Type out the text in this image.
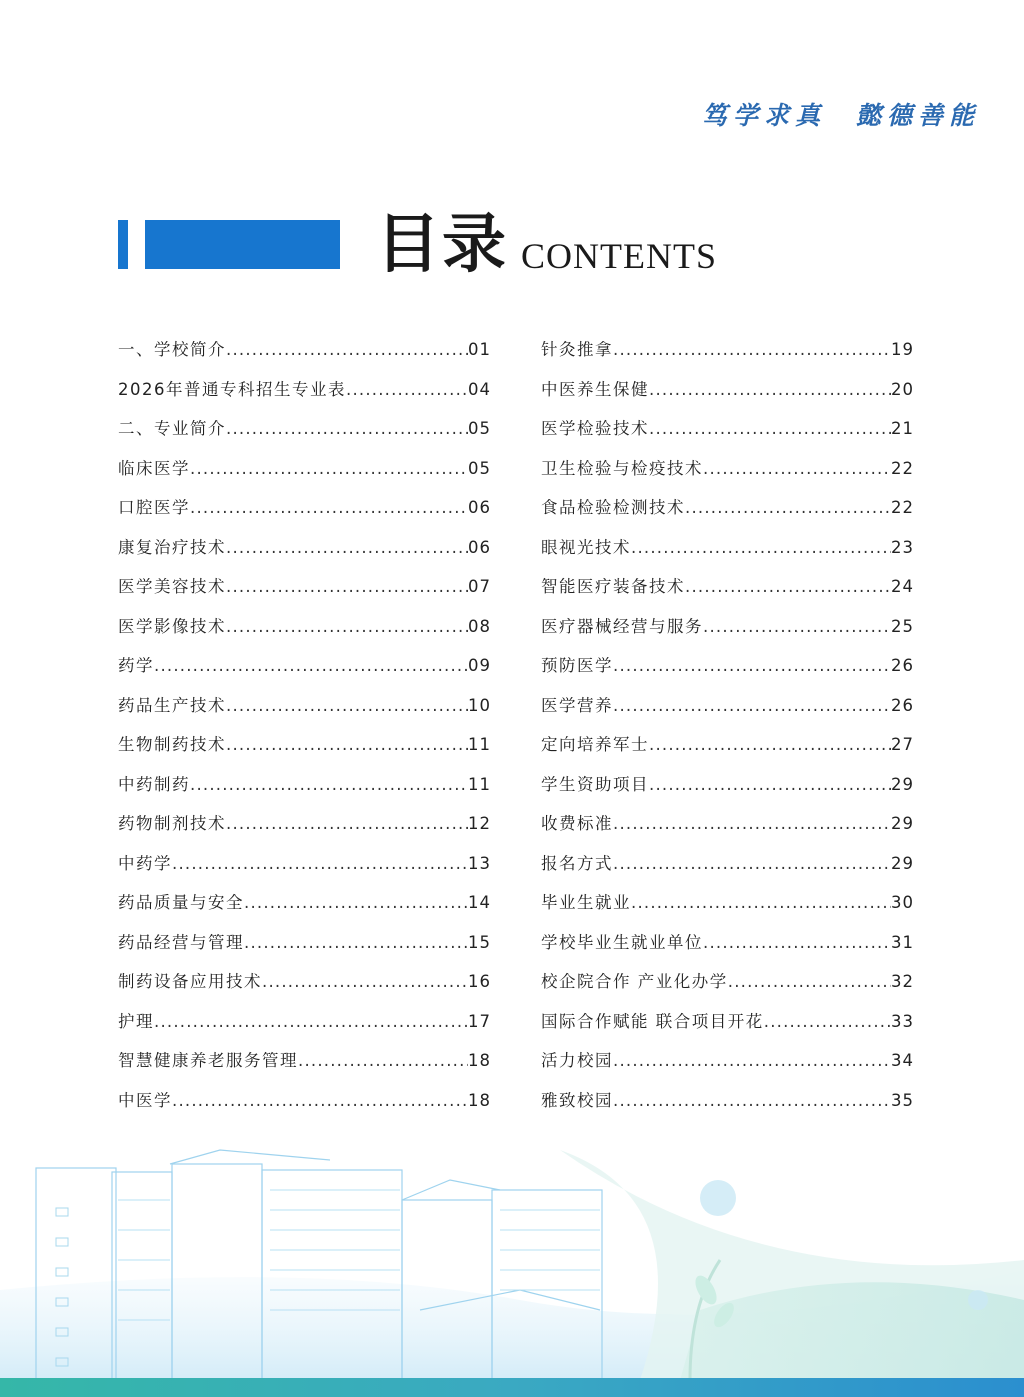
笃学求真 懿德善能
目录 CONTENTS
一、学校简介 .....	01
2026年普通专科招生专业表 .....	04
二、专业简介 .....	05
临床医学 .....	05
口腔医学 .....	06
康复治疗技术 .....	06
医学美容技术 .....	07
医学影像技术 .....	08
药学 .....	09
药品生产技术 .....	10
生物制药技术 .....	11
中药制药 .....	11
药物制剂技术 .....	12
中药学 .....	13
药品质量与安全 .....	14
药品经营与管理 .....	15
制药设备应用技术 .....	16
护理 .....	17
智慧健康养老服务管理 .....	18
中医学 .....	18
针灸推拿 .....	19
中医养生保健 .....	20
医学检验技术 .....	21
卫生检验与检疫技术 .....	22
食品检验检测技术 .....	22
眼视光技术 .....	23
智能医疗装备技术 .....	24
医疗器械经营与服务 .....	25
预防医学 .....	26
医学营养 .....	26
定向培养军士 .....	27
学生资助项目 .....	29
收费标准 .....	29
报名方式 .....	29
毕业生就业 .....	30
学校毕业生就业单位 .....	31
校企院合作 产业化办学 .....	32
国际合作赋能 联合项目开花 .....	33
活力校园 .....	34
雅致校园 .....	35
